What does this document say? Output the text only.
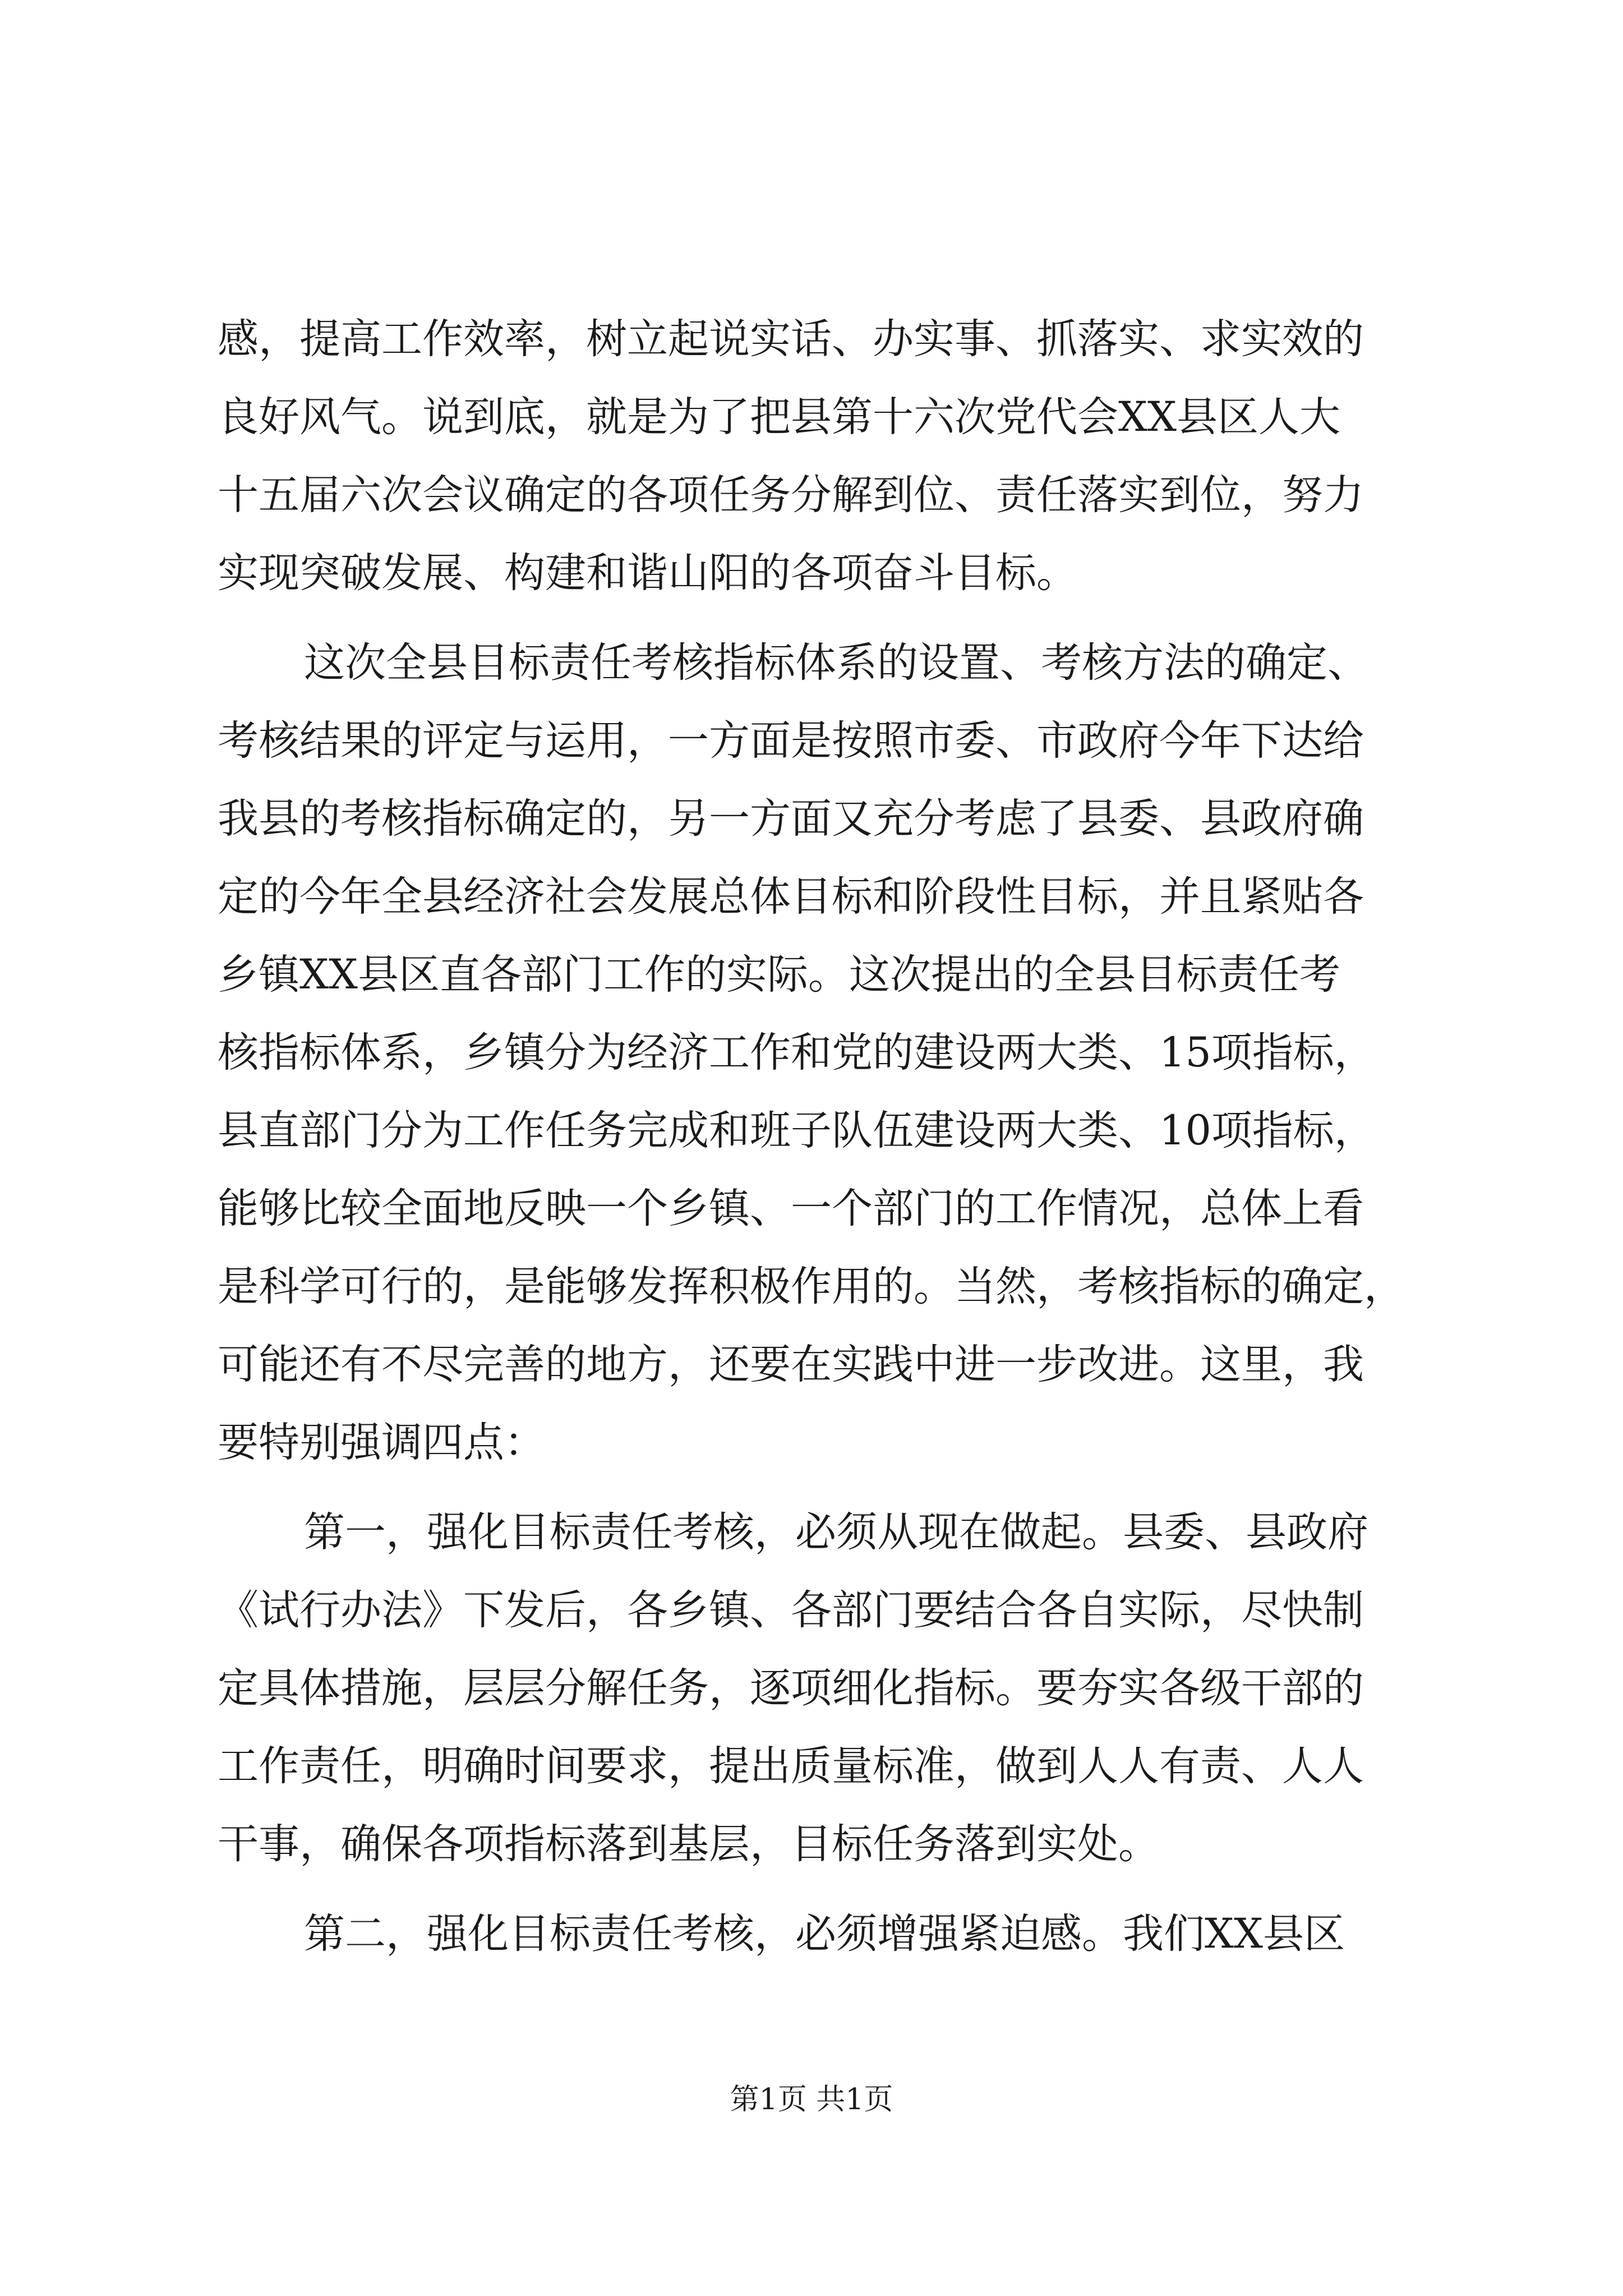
感，提高工作效率，树立起说实话、办实事、抓落实、求实效的
良好风气。说到底，就是为了把县第十六次党代会XX县区人大
十五届六次会议确定的各项任务分解到位、责任落实到位，努力
实现突破发展、构建和谐山阳的各项奋斗目标。
这次全县目标责任考核指标体系的设置、考核方法的确定、
考核结果的评定与运用，一方面是按照市委、市政府今年下达给
我县的考核指标确定的，另一方面又充分考虑了县委、县政府确
定的今年全县经济社会发展总体目标和阶段性目标，并且紧贴各
乡镇XX县区直各部门工作的实际。这次提出的全县目标责任考
核指标体系，乡镇分为经济工作和党的建设两大类、15项指标，
县直部门分为工作任务完成和班子队伍建设两大类、10项指标，
能够比较全面地反映一个乡镇、一个部门的工作情况，总体上看
是科学可行的，是能够发挥积极作用的。当然，考核指标的确定，
可能还有不尽完善的地方，还要在实践中进一步改进。这里，我
要特别强调四点：
第一，强化目标责任考核，必须从现在做起。县委、县政府
《试行办法》下发后，各乡镇、各部门要结合各自实际，尽快制
定具体措施，层层分解任务，逐项细化指标。要夯实各级干部的
工作责任，明确时间要求，提出质量标准，做到人人有责、人人
干事，确保各项指标落到基层，目标任务落到实处。
第二，强化目标责任考核，必须增强紧迫感。我们XX县区
第1页 共1页
